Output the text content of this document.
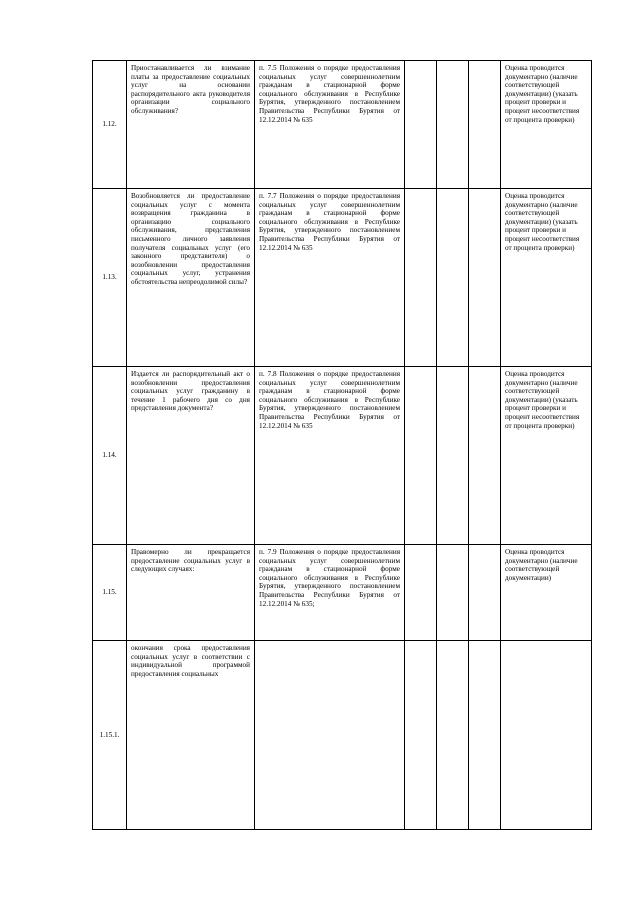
1.12.
Приостанавливается ли взимание платы за предоставление социальных услуг на основании распорядительного акта руководителя организации социального обслуживания?
п. 7.5 Положения о порядке предоставления социальных услуг совершеннолетним гражданам в стационарной форме социального обслуживания в Республике Бурятия, утвержденного постановлением Правительства Республики Бурятия от 12.12.2014 № 635
Оценка проводится документарно (наличие соответствующей документации) (указать процент проверки и процент несоответствия от процента проверки)
1.13.
Возобновляется ли предоставление социальных услуг с момента возвращения гражданина в организацию социального обслуживания, представления письменного личного заявления получателя социальных услуг (его законного представителя) о возобновлении предоставления социальных услуг, устранения обстоятельства непреодолимой силы?
п. 7.7 Положения о порядке предоставления социальных услуг совершеннолетним гражданам в стационарной форме социального обслуживания в Республике Бурятия, утвержденного постановлением Правительства Республики Бурятия от 12.12.2014 № 635
Оценка проводится документарно (наличие соответствующей документации) (указать процент проверки и процент несоответствия от процента проверки)
1.14.
Издается ли распорядительный акт о возобновлении предоставления социальных услуг гражданину в течение 1 рабочего дня со дня представления документа?
п. 7.8 Положения о порядке предоставления социальных услуг совершеннолетним гражданам в стационарной форме социального обслуживания в Республике Бурятия, утвержденного постановлением Правительства Республики Бурятия от 12.12.2014 № 635
Оценка проводится документарно (наличие соответствующей документации) (указать процент проверки и процент несоответствия от процента проверки)
1.15.
Правомерно ли прекращается предоставление социальных услуг в следующих случаях:
п. 7.9 Положения о порядке предоставления социальных услуг совершеннолетним гражданам в стационарной форме социального обслуживания в Республике Бурятия, утвержденного постановлением Правительства Республики Бурятия от 12.12.2014 № 635;
Оценка проводится документарно (наличие соответствующей документации)
1.15.1.
окончания срока предоставления социальных услуг в соответствии с индивидуальной программой предоставления социальных
